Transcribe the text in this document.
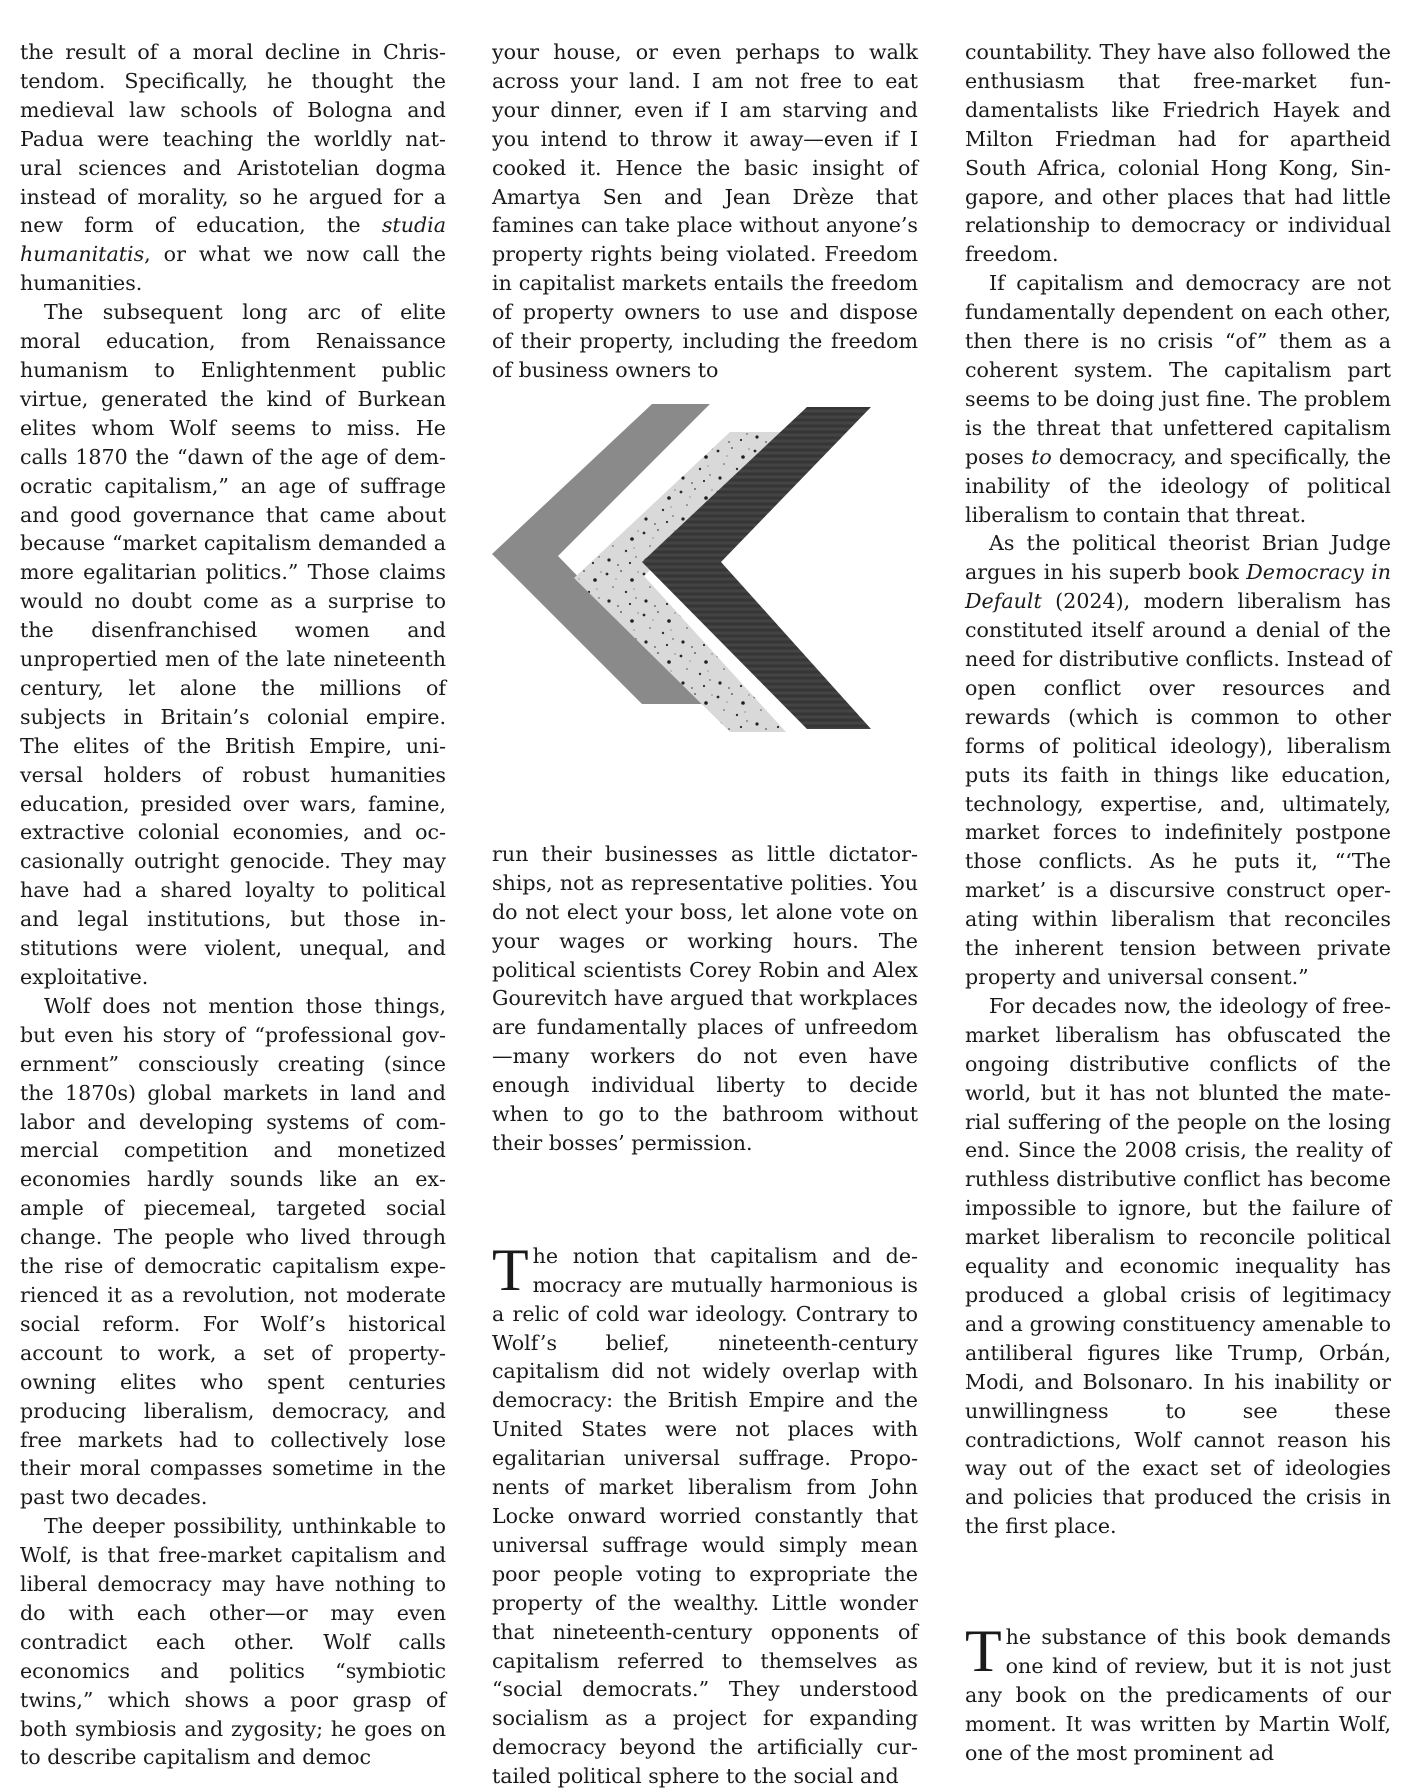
the result of a moral decline in Christendom. Specifically, he thought the medieval law schools of Bologna and Padua were teaching the worldly natural sciences and Aristotelian dogma instead of morality, so he argued for a new form of education, the studia humanitatis, or what we now call the humanities.

The subsequent long arc of elite moral education, from Renaissance humanism to Enlightenment public virtue, generated the kind of Burkean elites whom Wolf seems to miss. He calls 1870 the “dawn of the age of democratic capitalism,” an age of suffrage and good governance that came about because “market capitalism demanded a more egalitarian politics.” Those claims would no doubt come as a surprise to the disenfranchised women and unpropertied men of the late nineteenth century, let alone the millions of subjects in Britain’s colonial empire. The elites of the British Empire, universal holders of robust humanities education, presided over wars, famine, extractive colonial economies, and occasionally outright genocide. They may have had a shared loyalty to political and legal institutions, but those institutions were violent, unequal, and exploitative.

Wolf does not mention those things, but even his story of “professional government” consciously creating (since the 1870s) global markets in land and labor and developing systems of commercial competition and monetized economies hardly sounds like an example of piecemeal, targeted social change. The people who lived through the rise of democratic capitalism experienced it as a revolution, not moderate social reform. For Wolf’s historical account to work, a set of property-owning elites who spent centuries producing liberalism, democracy, and free markets had to collectively lose their moral compasses sometime in the past two decades.

The deeper possibility, unthinkable to Wolf, is that free-market capitalism and liberal democracy may have nothing to do with each other—or may even contradict each other. Wolf calls economics and politics “symbiotic twins,” which shows a poor grasp of both symbiosis and zygosity; he goes on to describe capitalism and democ

your house, or even perhaps to walk across your land. I am not free to eat your dinner, even if I am starving and you intend to throw it away—even if I cooked it. Hence the basic insight of Amartya Sen and Jean Drèze that famines can take place without anyone’s property rights being violated. Freedom in capitalist markets entails the freedom of property owners to use and dispose of their property, including the freedom of business owners to

run their businesses as little dictatorships, not as representative polities. You do not elect your boss, let alone vote on your wages or working hours. The political scientists Corey Robin and Alex Gourevitch have argued that workplaces are fundamentally places of unfreedom—many workers do not even have enough individual liberty to decide when to go to the bathroom without their bosses’ permission.

The notion that capitalism and democracy are mutually harmonious is a relic of cold war ideology. Contrary to Wolf’s belief, nineteenth-century capitalism did not widely overlap with democracy: the British Empire and the United States were not places with egalitarian universal suffrage. Proponents of market liberalism from John Locke onward worried constantly that universal suffrage would simply mean poor people voting to expropriate the property of the wealthy. Little wonder that nineteenth-century opponents of capitalism referred to themselves as “social democrats.” They understood socialism as a project for expanding democracy beyond the artificially curtailed political sphere to the social and

countability. They have also followed the enthusiasm that free-market fundamentalists like Friedrich Hayek and Milton Friedman had for apartheid South Africa, colonial Hong Kong, Singapore, and other places that had little relationship to democracy or individual freedom.

If capitalism and democracy are not fundamentally dependent on each other, then there is no crisis “of” them as a coherent system. The capitalism part seems to be doing just fine. The problem is the threat that unfettered capitalism poses to democracy, and specifically, the inability of the ideology of political liberalism to contain that threat.

As the political theorist Brian Judge argues in his superb book Democracy in Default (2024), modern liberalism has constituted itself around a denial of the need for distributive conflicts. Instead of open conflict over resources and rewards (which is common to other forms of political ideology), liberalism puts its faith in things like education, technology, expertise, and, ultimately, market forces to indefinitely postpone those conflicts. As he puts it, “‘The market’ is a discursive construct operating within liberalism that reconciles the inherent tension between private property and universal consent.”

For decades now, the ideology of free-market liberalism has obfuscated the ongoing distributive conflicts of the world, but it has not blunted the material suffering of the people on the losing end. Since the 2008 crisis, the reality of ruthless distributive conflict has become impossible to ignore, but the failure of market liberalism to reconcile political equality and economic inequality has produced a global crisis of legitimacy and a growing constituency amenable to antiliberal figures like Trump, Orbán, Modi, and Bolsonaro. In his inability or unwillingness to see these contradictions, Wolf cannot reason his way out of the exact set of ideologies and policies that produced the crisis in the first place.

The substance of this book demands one kind of review, but it is not just any book on the predicaments of our moment. It was written by Martin Wolf, one of the most prominent ad
